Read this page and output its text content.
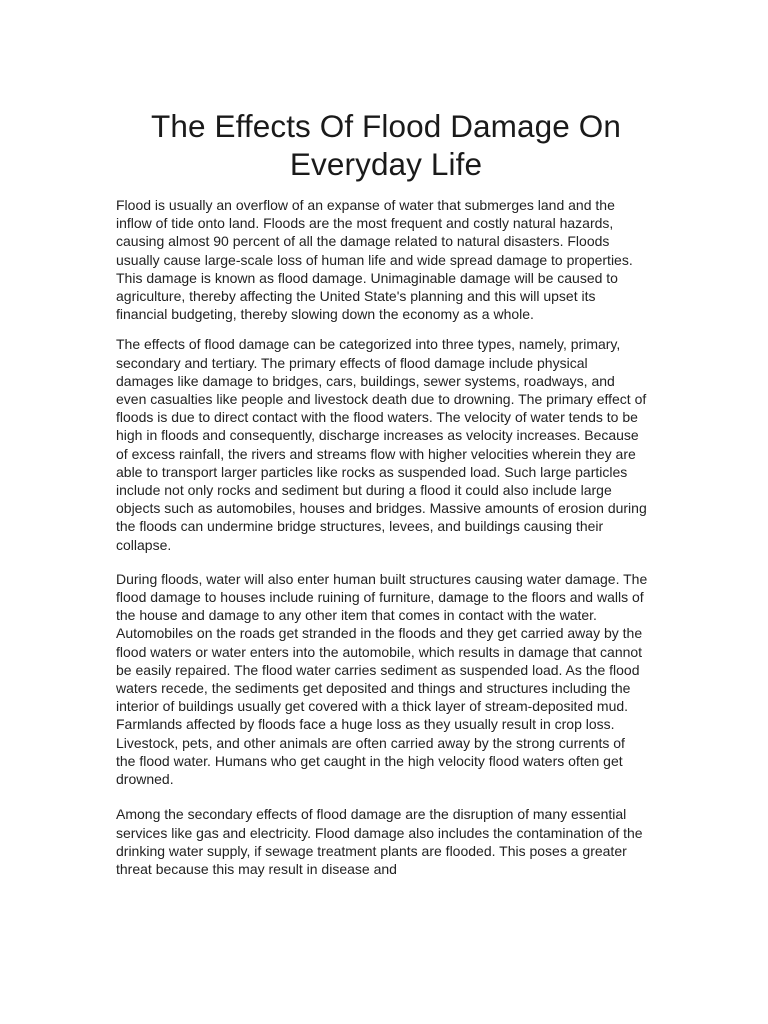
The Effects Of Flood Damage On Everyday Life

Flood is usually an overflow of an expanse of water that submerges land and the inflow of tide onto land. Floods are the most frequent and costly natural hazards, causing almost 90 percent of all the damage related to natural disasters. Floods usually cause large-scale loss of human life and wide spread damage to properties. This damage is known as flood damage. Unimaginable damage will be caused to agriculture, thereby affecting the United State's planning and this will upset its financial budgeting, thereby slowing down the economy as a whole.

The effects of flood damage can be categorized into three types, namely, primary, secondary and tertiary. The primary effects of flood damage include physical damages like damage to bridges, cars, buildings, sewer systems, roadways, and even casualties like people and livestock death due to drowning. The primary effect of floods is due to direct contact with the flood waters. The velocity of water tends to be high in floods and consequently, discharge increases as velocity increases. Because of excess rainfall, the rivers and streams flow with higher velocities wherein they are able to transport larger particles like rocks as suspended load. Such large particles include not only rocks and sediment but during a flood it could also include large objects such as automobiles, houses and bridges. Massive amounts of erosion during the floods can undermine bridge structures, levees, and buildings causing their collapse.

During floods, water will also enter human built structures causing water damage. The flood damage to houses include ruining of furniture, damage to the floors and walls of the house and damage to any other item that comes in contact with the water. Automobiles on the roads get stranded in the floods and they get carried away by the flood waters or water enters into the automobile, which results in damage that cannot be easily repaired. The flood water carries sediment as suspended load. As the flood waters recede, the sediments get deposited and things and structures including the interior of buildings usually get covered with a thick layer of stream-deposited mud. Farmlands affected by floods face a huge loss as they usually result in crop loss. Livestock, pets, and other animals are often carried away by the strong currents of the flood water. Humans who get caught in the high velocity flood waters often get drowned.

Among the secondary effects of flood damage are the disruption of many essential services like gas and electricity. Flood damage also includes the contamination of the drinking water supply, if sewage treatment plants are flooded. This poses a greater threat because this may result in disease and
